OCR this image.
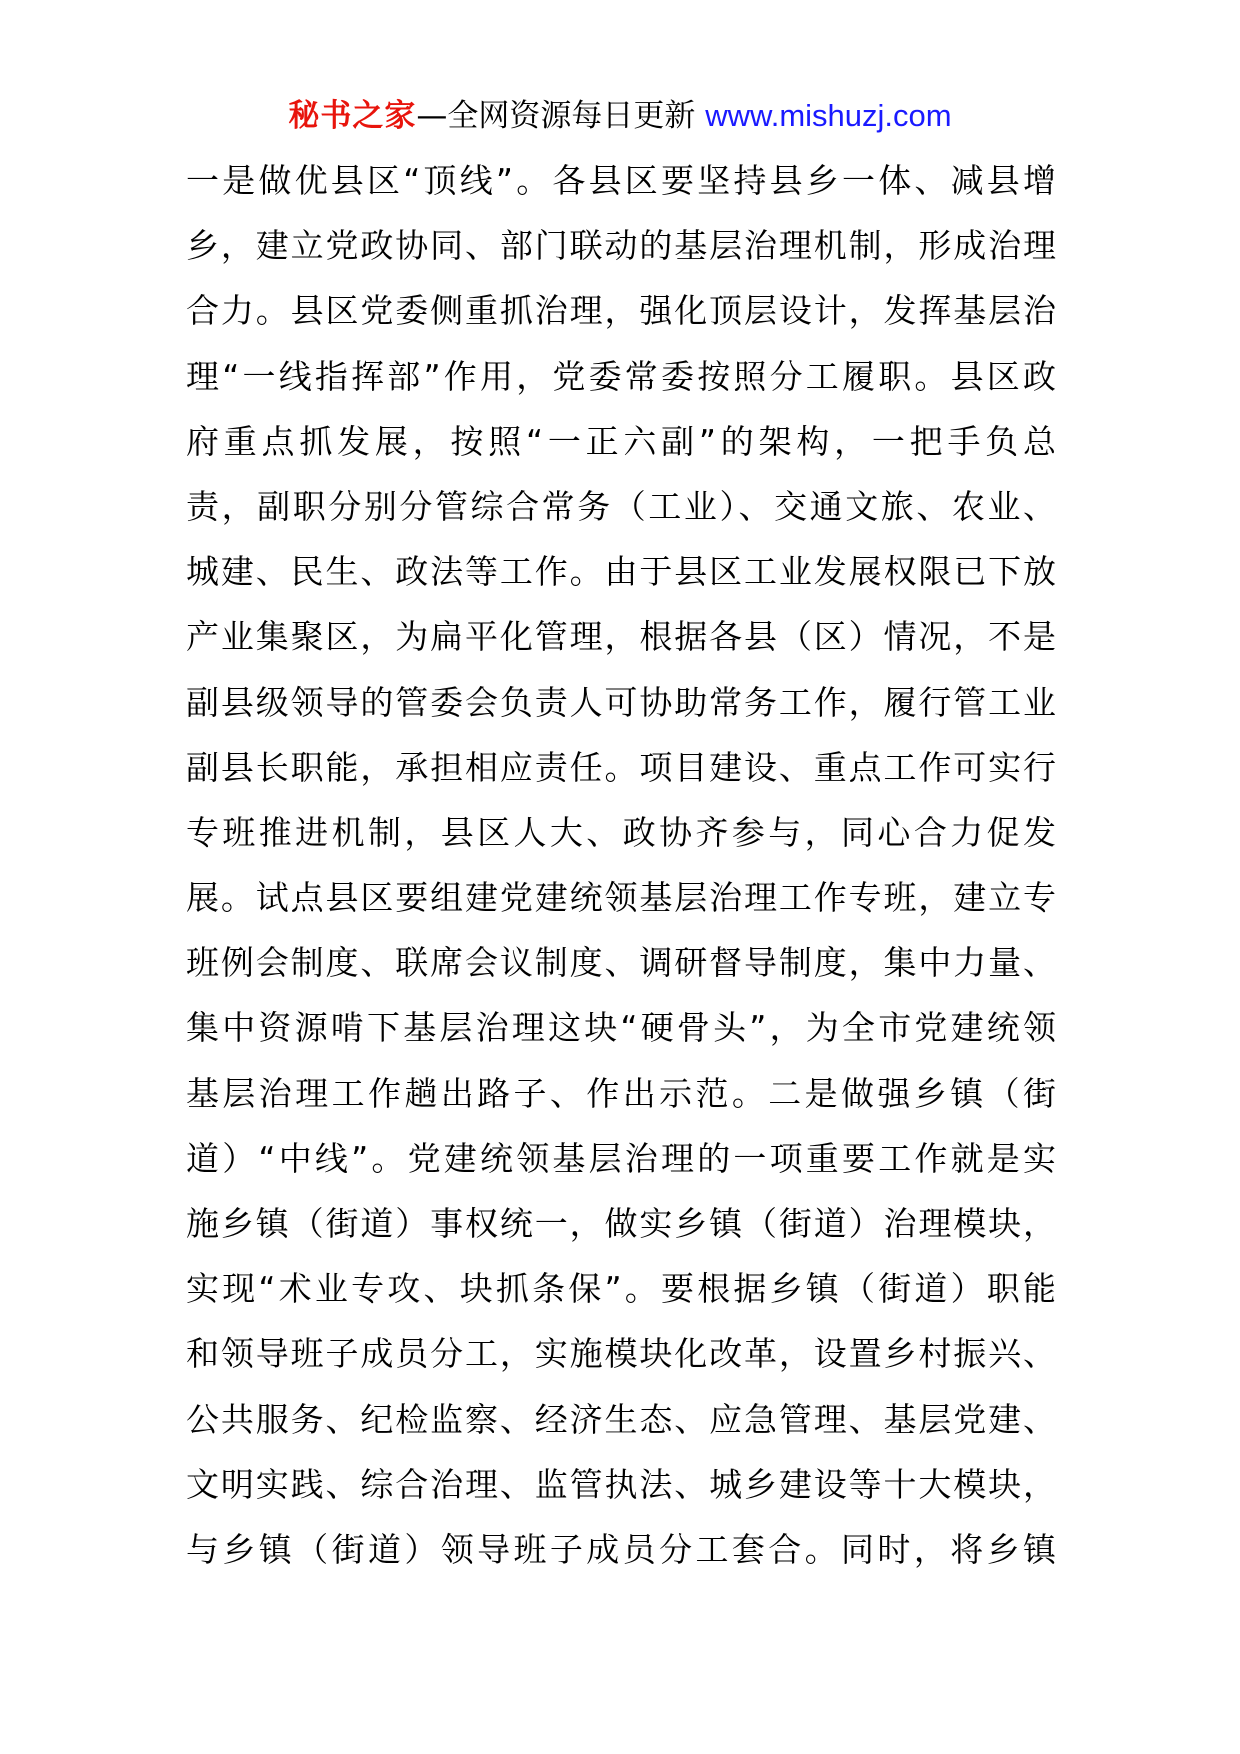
秘书之家—全网资源每日更新 www.mishuzj.com
一是做优县区“顶线”。各县区要坚持县乡一体、减县增
乡，建立党政协同、部门联动的基层治理机制，形成治理
合力。县区党委侧重抓治理，强化顶层设计，发挥基层治
理“一线指挥部”作用，党委常委按照分工履职。县区政
府重点抓发展，按照“一正六副”的架构，一把手负总
责，副职分别分管综合常务（工业）、交通文旅、农业、
城建、民生、政法等工作。由于县区工业发展权限已下放
产业集聚区，为扁平化管理，根据各县（区）情况，不是
副县级领导的管委会负责人可协助常务工作，履行管工业
副县长职能，承担相应责任。项目建设、重点工作可实行
专班推进机制，县区人大、政协齐参与，同心合力促发
展。试点县区要组建党建统领基层治理工作专班，建立专
班例会制度、联席会议制度、调研督导制度，集中力量、
集中资源啃下基层治理这块“硬骨头”，为全市党建统领
基层治理工作趟出路子、作出示范。二是做强乡镇（街
道）“中线”。党建统领基层治理的一项重要工作就是实
施乡镇（街道）事权统一，做实乡镇（街道）治理模块，
实现“术业专攻、块抓条保”。要根据乡镇（街道）职能
和领导班子成员分工，实施模块化改革，设置乡村振兴、
公共服务、纪检监察、经济生态、应急管理、基层党建、
文明实践、综合治理、监管执法、城乡建设等十大模块，
与乡镇（街道）领导班子成员分工套合。同时，将乡镇
